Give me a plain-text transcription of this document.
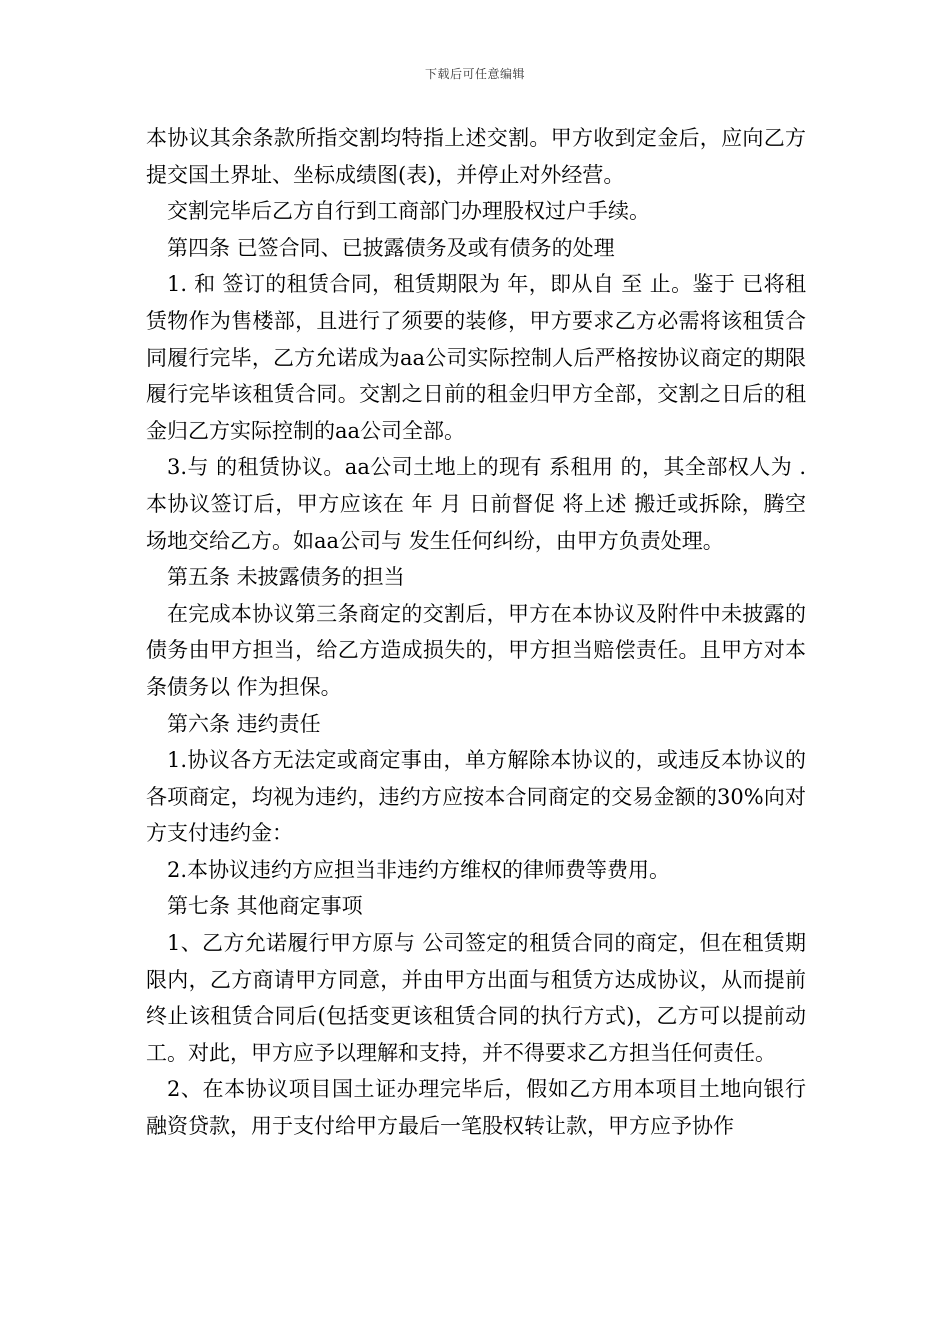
下载后可任意编辑

本协议其余条款所指交割均特指上述交割。甲方收到定金后，应向乙方提交国土界址、坐标成绩图(表)，并停止对外经营。

交割完毕后乙方自行到工商部门办理股权过户手续。

第四条 已签合同、已披露债务及或有债务的处理

1. 和 签订的租赁合同，租赁期限为 年，即从自 至 止。鉴于 已将租赁物作为售楼部，且进行了须要的装修，甲方要求乙方必需将该租赁合同履行完毕，乙方允诺成为aa公司实际控制人后严格按协议商定的期限履行完毕该租赁合同。交割之日前的租金归甲方全部，交割之日后的租金归乙方实际控制的aa公司全部。

3.与 的租赁协议。aa公司土地上的现有 系租用 的，其全部权人为 .本协议签订后，甲方应该在 年 月 日前督促 将上述 搬迁或拆除，腾空场地交给乙方。如aa公司与 发生任何纠纷，由甲方负责处理。

第五条 未披露债务的担当

在完成本协议第三条商定的交割后，甲方在本协议及附件中未披露的债务由甲方担当，给乙方造成损失的，甲方担当赔偿责任。且甲方对本条债务以 作为担保。

第六条 违约责任

1.协议各方无法定或商定事由，单方解除本协议的，或违反本协议的各项商定，均视为违约，违约方应按本合同商定的交易金额的30%向对方支付违约金：

2.本协议违约方应担当非违约方维权的律师费等费用。

第七条 其他商定事项

1、乙方允诺履行甲方原与 公司签定的租赁合同的商定，但在租赁期限内，乙方商请甲方同意，并由甲方出面与租赁方达成协议，从而提前终止该租赁合同后(包括变更该租赁合同的执行方式)，乙方可以提前动工。对此，甲方应予以理解和支持，并不得要求乙方担当任何责任。

2、在本协议项目国土证办理完毕后，假如乙方用本项目土地向银行融资贷款，用于支付给甲方最后一笔股权转让款，甲方应予协作
